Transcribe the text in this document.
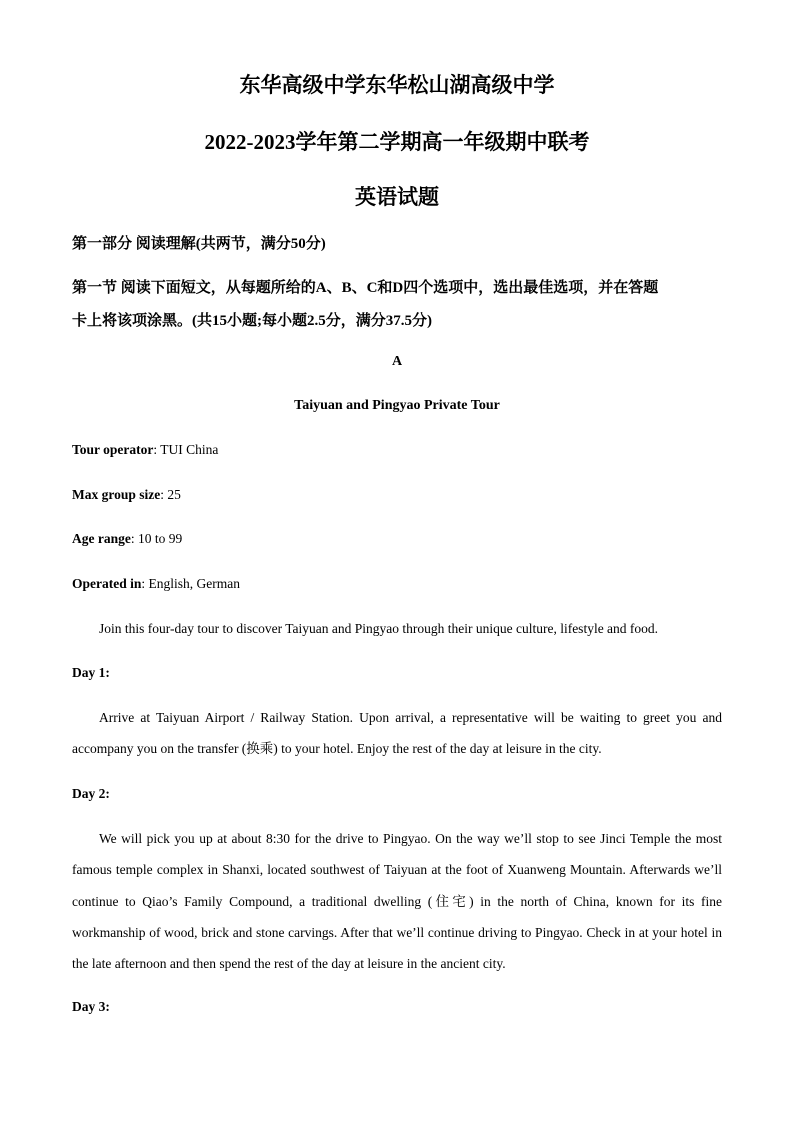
东华高级中学东华松山湖高级中学
2022-2023学年第二学期高一年级期中联考
英语试题
第一部分 阅读理解(共两节，满分50分)
第一节 阅读下面短文，从每题所给的A、B、C和D四个选项中，选出最佳选项，并在答题
卡上将该项涂黑。(共15小题;每小题2.5分，满分37.5分)
A
Taiyuan and Pingyao Private Tour
Tour operator: TUI China
Max group size: 25
Age range: 10 to 99
Operated in: English, German
Join this four-day tour to discover Taiyuan and Pingyao through their unique culture, lifestyle and food.
Day 1:

Arrive at Taiyuan Airport / Railway Station. Upon arrival, a representative will be waiting to greet you and accompany you on the transfer (换乘) to your hotel. Enjoy the rest of the day at leisure in the city.

Day 2:

We will pick you up at about 8:30 for the drive to Pingyao. On the way we’ll stop to see Jinci Temple the most famous temple complex in Shanxi, located southwest of Taiyuan at the foot of Xuanweng Mountain. Afterwards we’ll continue to Qiao’s Family Compound, a traditional dwelling (住宅) in the north of China, known for its fine workmanship of wood, brick and stone carvings. After that we’ll continue driving to Pingyao. Check in at your hotel in the late afternoon and then spend the rest of the day at leisure in the ancient city.

Day 3:
